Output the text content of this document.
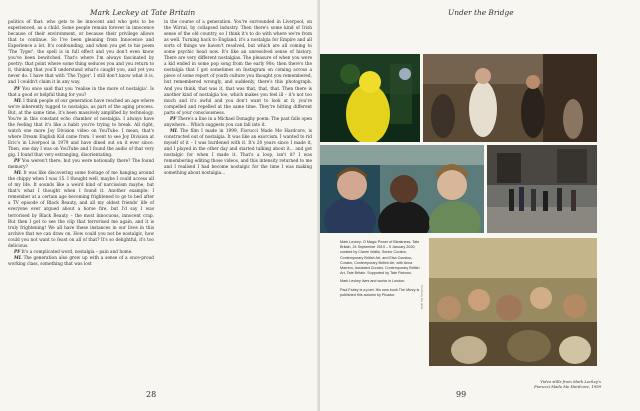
Mark Leckey at Tate Britain

politics of that: who gets to be innocent and who gets to be experienced, as a child. Some people remain forever in innocence because of their environment, or because their privilege allows that to continue. So I've been gleaning from Innocence and Experience a lot. It's confounding, and when you get to his poem 'The Tyger', the spell is in full effect and you don't even know you've been bewitched. That's where I'm always fascinated by poetry: that point where some thing seduces you and you return to it, thinking that you'll understand what's caught you, and yet you never do. I have that with 'The Tyger'. I still don't know what it is, and I couldn't claim it in any way.

PF You once said that you 'realise in the more of nostalgia'. Is that a good or helpful thing for you?

ML I think people of our generation have reached an age where we're inherently tugged to nostalgia, as part of the aging process. But, at the same time, it's been massively amplified by technology. You're in this constant echo chamber of nostalgia. I always have the feeling that it's like a habit you're trying to break. All right, watch one more Joy Division video on YouTube. I mean, that's where Dream English Kid came from. I went to see Joy Division at Eric's in Liverpool in 1979 and have dined out on it ever since. Then, one day I was on YouTube and I found the audio of that very gig. I found that very estranging, disorientating.

PF You weren't there, but you were notionally there? The found memory?

ML It was like discovering some footage of me hanging around the chippy when I was 15. I thought well, maybe I could access all of my life. It sounds like a weird kind of narcissism maybe, but that's what I thought when I found it. Another example: I remember at a certain age becoming frightened to go to bed after a TV episode of Black Beauty, and all my oldest friends' life of everyone ever argued about a horse fire, but I'd say I was terrorised by Black Beauty – the most innocuous, innocent crap. But then I got to see the clip that terrorised me again, and it is truly frightening! We all have these instances in our lives in this archive that we can draw on. How could you not be nostalgic, how could you not want to feast on all of that? It's so delightful, it's too delicious.

PF It's a complicated word, nostalgia – pain and home.

ML The generation also grew up with a sense of a once-proud working class, something that was lost

28
Under the Bridge
99

in the course of a generation. You're surrounded in Liverpool, on the Wirral, by collapsed industry. Then there's some kind of Irish sense of the old country, so I think it's to do with where we're from as well. Turning back to England, it's a nostalgia for Empire and all sorts of things we haven't resolved, but which are all coming to some psychic head now. It's like an unresolved sense of history. There are very different nostalgias. The pleasure of when you were a kid ended in some pop song from the early 90s; then there's the nostalgia that I got sometimes on Instagram on coming across a piece of some report of youth culture you thought you remembered, but remembered wrongly, and suddenly, there's this photograph. And you think, that was it, that was that, that, that. Then there is another kind of nostalgia too, which makes you feel ill – it's not too much and it's awful and you don't want to look at it; you're compelled and repelled at the same time. They're hitting different parts of your consciousness.

PF There's a line in a Michael Donaghy poem: The past falls open anywhere... Which suggests you can fall into it.

ML The film I made in 1999, Fiorucci Made Me Hardcore, is constructed out of nostalgia. It was like an exorcism. I wanted to rid myself of it – I was burdened with it. It's 20 years since I made it, and I played in the other day and started talking about it... and got nostalgic for when I made it. That's a loop, isn't it? I was remembering editing those videos, and this intensity returned to me and I realised I had become nostalgic for the time I was making something about nostalgia...

Mark Leckey: O Magic Power of Bleakness. Tate Britain, 24 September 2019 – 5 January 2020; curated by Clarrie Wallis, Senior Curator, Contemporary British Art, and Elsa Coustou, Curator, Contemporary British Art, with Anna Marrero, Assistant Curator, Contemporary British Art, Tate Britain. Supported by Tate Patrons.

Mark Leckey lives and works in London.

Paul Farley is a poet. His new book The Mizzy is published this autumn by Picador.	Courtesy the artist
Video stills from Mark Leckey's Fiorucci Made Me Hardcore, 1999
